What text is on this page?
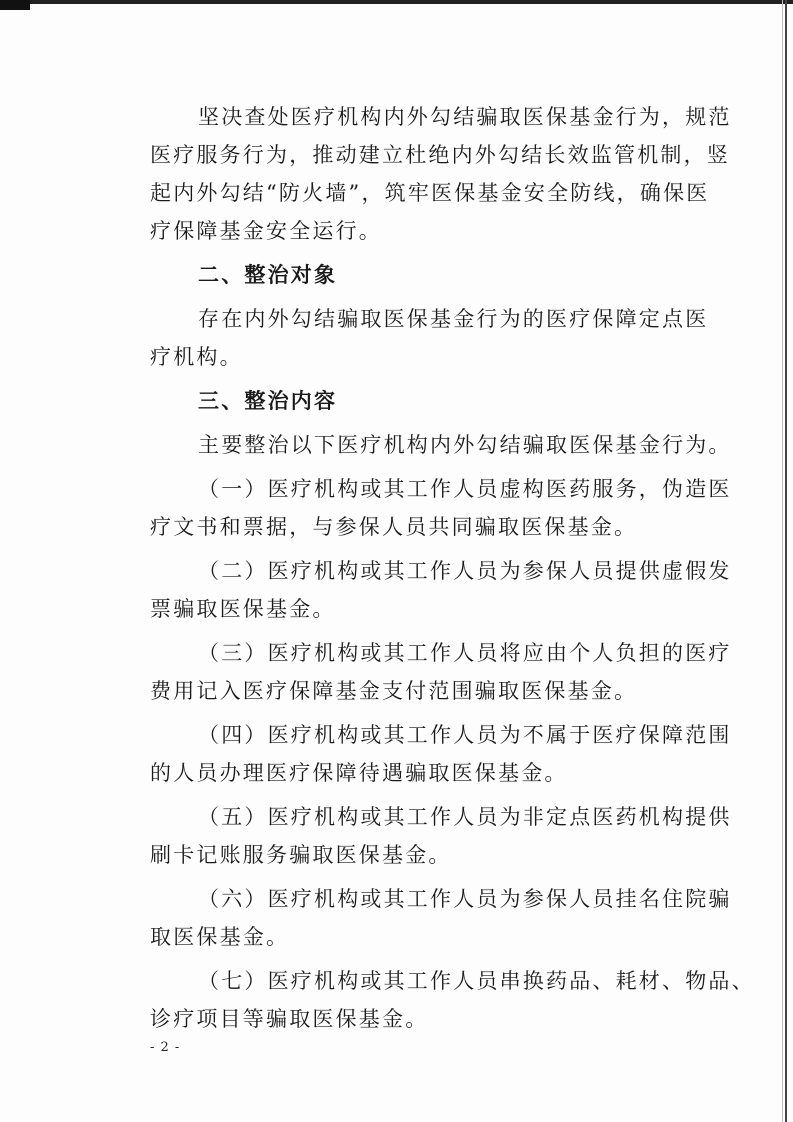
坚决查处医疗机构内外勾结骗取医保基金行为，规范
医疗服务行为，推动建立杜绝内外勾结长效监管机制，竖
起内外勾结“防火墙”，筑牢医保基金安全防线，确保医
疗保障基金安全运行。
二、整治对象
存在内外勾结骗取医保基金行为的医疗保障定点医
疗机构。
三、整治内容
主要整治以下医疗机构内外勾结骗取医保基金行为。
（一）医疗机构或其工作人员虚构医药服务，伪造医
疗文书和票据，与参保人员共同骗取医保基金。
（二）医疗机构或其工作人员为参保人员提供虚假发
票骗取医保基金。
（三）医疗机构或其工作人员将应由个人负担的医疗
费用记入医疗保障基金支付范围骗取医保基金。
（四）医疗机构或其工作人员为不属于医疗保障范围
的人员办理医疗保障待遇骗取医保基金。
（五）医疗机构或其工作人员为非定点医药机构提供
刷卡记账服务骗取医保基金。
（六）医疗机构或其工作人员为参保人员挂名住院骗
取医保基金。
（七）医疗机构或其工作人员串换药品、耗材、物品、
诊疗项目等骗取医保基金。
- 2 -
